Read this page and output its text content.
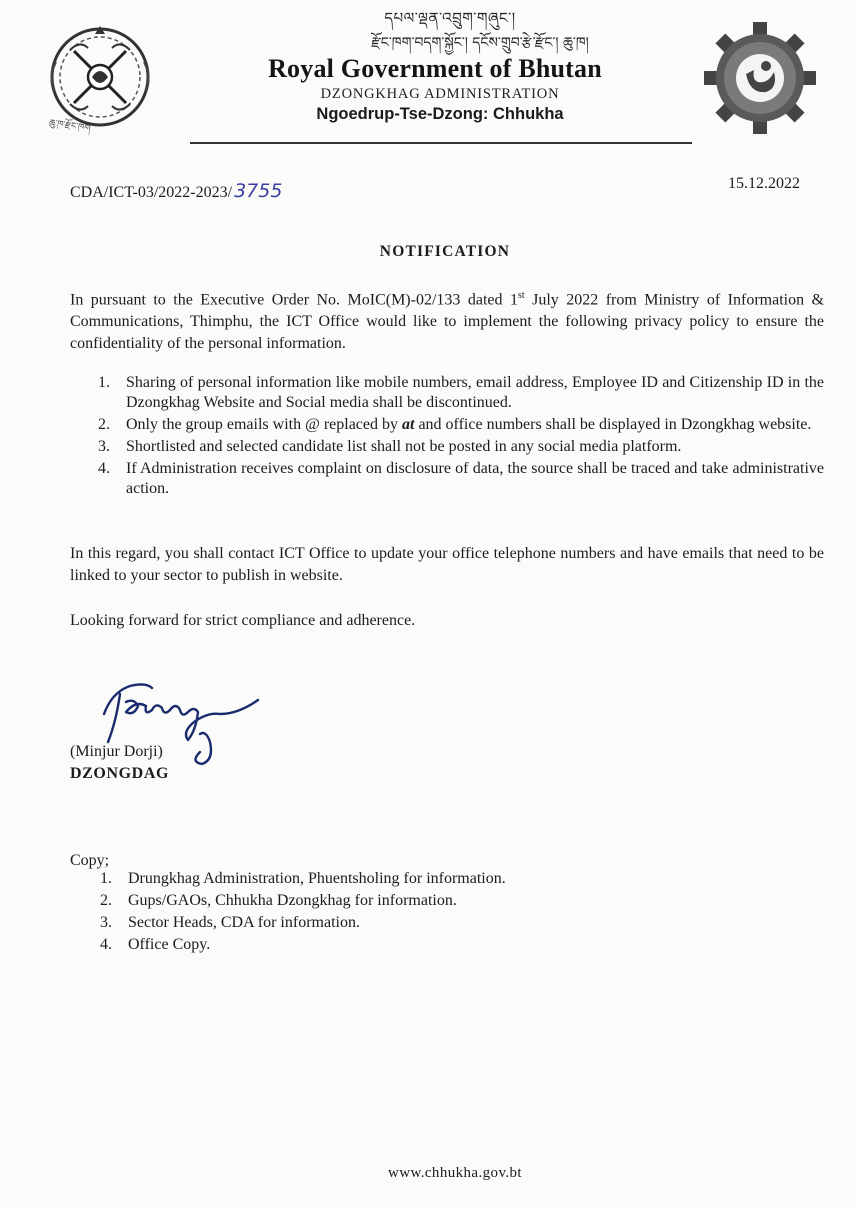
ཆུ་ཁ་རྫོང་ཁག
དཔལ་ལྡན་འབྲུག་གཞུང་།
རྫོང་ཁག་བདག་སྐྱོང་། དངོས་གྲུབ་རྩེ་རྫོང་། ཆུ་ཁ།
Royal Government of Bhutan
DZONGKHAG ADMINISTRATION
Ngoedrup-Tse-Dzong: Chhukha
CDA/ICT-03/2022-2023/ 3755	15.12.2022
NOTIFICATION

In pursuant to the Executive Order No. MoIC(M)-02/133 dated 1st July 2022 from Ministry of Information & Communications, Thimphu, the ICT Office would like to implement the following privacy policy to ensure the confidentiality of the personal information.

1. Sharing of personal information like mobile numbers, email address, Employee ID and Citizenship ID in the Dzongkhag Website and Social media shall be discontinued.
2. Only the group emails with @ replaced by at and office numbers shall be displayed in Dzongkhag website.
3. Shortlisted and selected candidate list shall not be posted in any social media platform.
4. If Administration receives complaint on disclosure of data, the source shall be traced and take administrative action.

In this regard, you shall contact ICT Office to update your office telephone numbers and have emails that need to be linked to your sector to publish in website.

Looking forward for strict compliance and adherence.

(Minjur Dorji)
DZONGDAG
Copy;
1. Drungkhag Administration, Phuentsholing for information.
2. Gups/GAOs, Chhukha Dzongkhag for information.
3. Sector Heads, CDA for information.
4. Office Copy.
www.chhukha.gov.bt
